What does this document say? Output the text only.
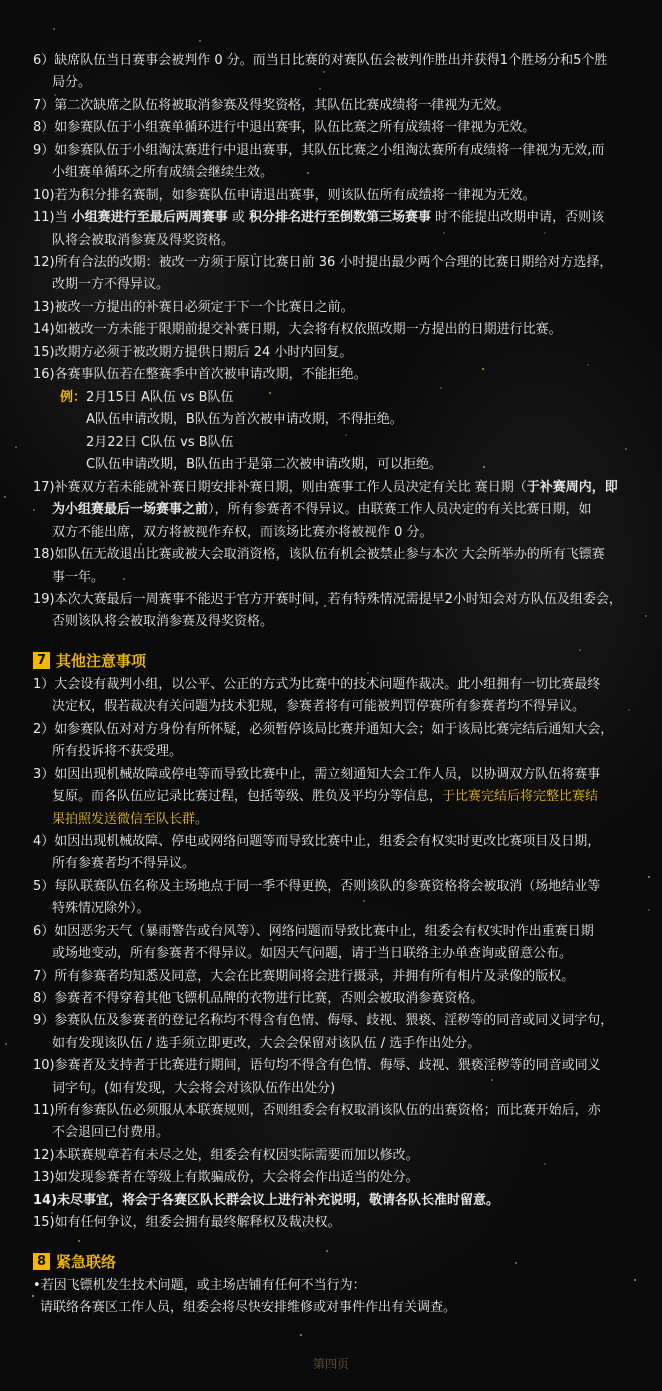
6）缺席队伍当日赛事会被判作 0 分。而当日比赛的对赛队伍会被判作胜出并获得1个胜场分和5个胜
局分。
7）第二次缺席之队伍将被取消参赛及得奖资格，其队伍比赛成绩将一律视为无效。
8）如参赛队伍于小组赛单循环进行中退出赛事，队伍比赛之所有成绩将一律视为无效。
9）如参赛队伍于小组淘汰赛进行中退出赛事，其队伍比赛之小组淘汰赛所有成绩将一律视为无效,而
小组赛单循环之所有成绩会继续生效。
10)若为积分排名赛制，如参赛队伍申请退出赛事，则该队伍所有成绩将一律视为无效。
11)当 小组赛进行至最后两周赛事 或 积分排名进行至倒数第三场赛事 时不能提出改期申请，否则该
队将会被取消参赛及得奖资格。
12)所有合法的改期：被改一方须于原订比赛日前 36 小时提出最少两个合理的比赛日期给对方选择，
改期一方不得异议。
13)被改一方提出的补赛日必须定于下一个比赛日之前。
14)如被改一方未能于限期前提交补赛日期，大会将有权依照改期一方提出的日期进行比赛。
15)改期方必须于被改期方提供日期后 24 小时内回复。
16)各赛事队伍若在整赛季中首次被申请改期，不能拒绝。
例： 2月15日 A队伍 vs B队伍
A队伍申请改期，B队伍为首次被申请改期，不得拒绝。
2月22日 C队伍 vs B队伍
C队伍申请改期，B队伍由于是第二次被申请改期，可以拒绝。
17)补赛双方若未能就补赛日期安排补赛日期，则由赛事工作人员决定有关比 赛日期（于补赛周内，即
为小组赛最后一场赛事之前），所有参赛者不得异议。由联赛工作人员决定的有关比赛日期，如
双方不能出席，双方将被视作弃权，而该场比赛亦将被视作 0 分。
18)如队伍无故退出比赛或被大会取消资格，该队伍有机会被禁止参与本次 大会所举办的所有飞镖赛
事一年。
19)本次大赛最后一周赛事不能迟于官方开赛时间，若有特殊情况需提早2小时知会对方队伍及组委会，
否则该队将会被取消参赛及得奖资格。
7 其他注意事项
1）大会设有裁判小组，以公平、公正的方式为比赛中的技术问题作裁决。此小组拥有一切比赛最终
决定权，假若裁决有关问题为技术犯规，参赛者将有可能被判罚停赛所有参赛者均不得异议。
2）如参赛队伍对对方身份有所怀疑，必须暂停该局比赛并通知大会；如于该局比赛完结后通知大会，
所有投诉将不获受理。
3）如因出现机械故障或停电等而导致比赛中止，需立刻通知大会工作人员，以协调双方队伍将赛事
复原。而各队伍应记录比赛过程，包括等级、胜负及平均分等信息，于比赛完结后将完整比赛结
果拍照发送微信至队长群。
4）如因出现机械故障、停电或网络问题等而导致比赛中止，组委会有权实时更改比赛项目及日期，
所有参赛者均不得异议。
5）每队联赛队伍名称及主场地点于同一季不得更换，否则该队的参赛资格将会被取消（场地结业等
特殊情况除外）。
6）如因恶劣天气（暴雨警告或台风等）、网络问题而导致比赛中止，组委会有权实时作出重赛日期
或场地变动，所有参赛者不得异议。如因天气问题，请于当日联络主办单查询或留意公布。
7）所有参赛者均知悉及同意，大会在比赛期间将会进行摄录，并拥有所有相片及录像的版权。
8）参赛者不得穿着其他飞镖机品牌的衣物进行比赛，否则会被取消参赛资格。
9）参赛队伍及参赛者的登记名称均不得含有色情、侮辱、歧视、猥亵、淫秽等的同音或同义词字句，
如有发现该队伍 / 选手须立即更改，大会会保留对该队伍 / 选手作出处分。
10)参赛者及支持者于比赛进行期间，语句均不得含有色情、侮辱、歧视、猥亵淫秽等的同音或同义
词字句。(如有发现，大会将会对该队伍作出处分)
11)所有参赛队伍必须服从本联赛规则，否则组委会有权取消该队伍的出赛资格；而比赛开始后，亦
不会退回已付费用。
12)本联赛规章若有未尽之处，组委会有权因实际需要而加以修改。
13)如发现参赛者在等级上有欺骗成份，大会将会作出适当的处分。
14)未尽事宜，将会于各赛区队长群会议上进行补充说明，敬请各队长准时留意。
15)如有任何争议，组委会拥有最终解释权及裁决权。
8 紧急联络
•若因飞镖机发生技术问题，或主场店铺有任何不当行为：
请联络各赛区工作人员，组委会将尽快安排维修或对事件作出有关调查。
第四页
